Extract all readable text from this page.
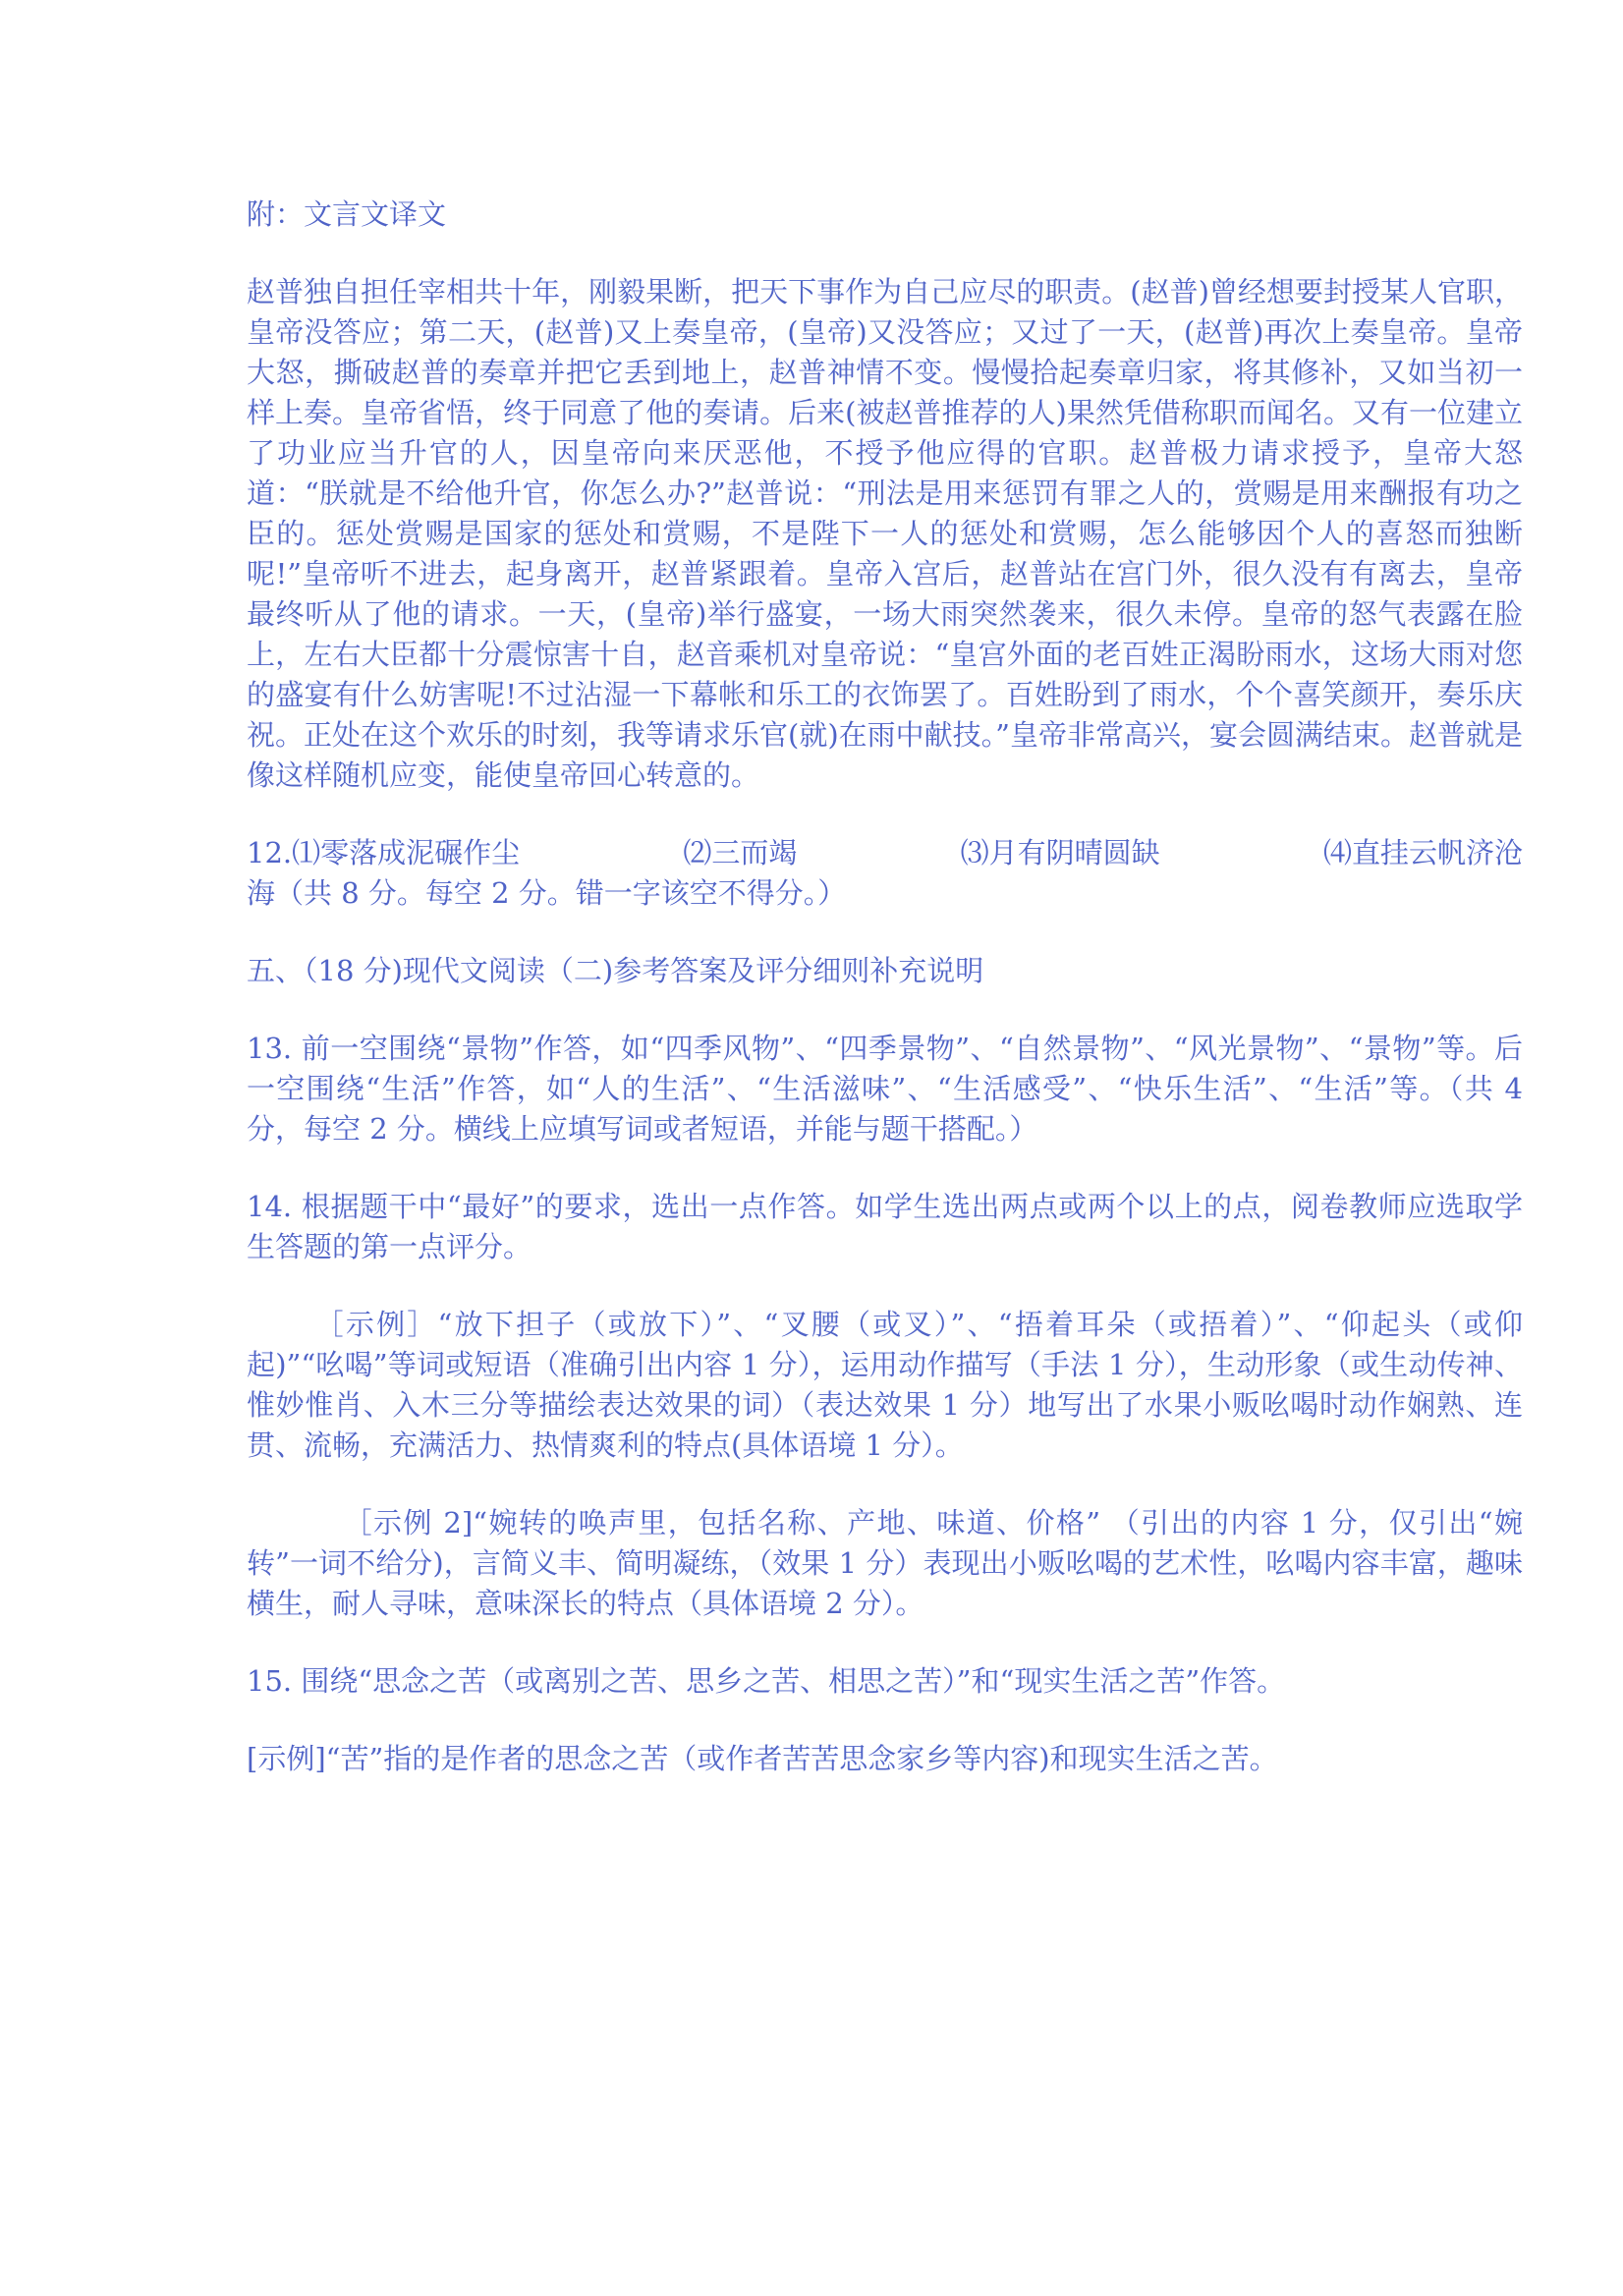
附：文言文译文

赵普独自担任宰相共十年，刚毅果断，把天下事作为自己应尽的职责。(赵普)曾经想要封授某人官职，皇帝没答应；第二天，(赵普)又上奏皇帝，(皇帝)又没答应；又过了一天，(赵普)再次上奏皇帝。皇帝大怒，撕破赵普的奏章并把它丢到地上，赵普神情不变。慢慢拾起奏章归家，将其修补，又如当初一样上奏。皇帝省悟，终于同意了他的奏请。后来(被赵普推荐的人)果然凭借称职而闻名。又有一位建立了功业应当升官的人，因皇帝向来厌恶他，不授予他应得的官职。赵普极力请求授予，皇帝大怒道：“朕就是不给他升官，你怎么办?”赵普说：“刑法是用来惩罚有罪之人的，赏赐是用来酬报有功之臣的。惩处赏赐是国家的惩处和赏赐，不是陛下一人的惩处和赏赐，怎么能够因个人的喜怒而独断呢!”皇帝听不进去，起身离开，赵普紧跟着。皇帝入宫后，赵普站在宫门外，很久没有有离去，皇帝最终听从了他的请求。一天，(皇帝)举行盛宴，一场大雨突然袭来，很久未停。皇帝的怒气表露在脸上，左右大臣都十分震惊害十自，赵音乘机对皇帝说：“皇宫外面的老百姓正渴盼雨水，这场大雨对您的盛宴有什么妨害呢!不过沾湿一下幕帐和乐工的衣饰罢了。百姓盼到了雨水，个个喜笑颜开，奏乐庆祝。正处在这个欢乐的时刻，我等请求乐官(就)在雨中献技。”皇帝非常高兴，宴会圆满结束。赵普就是像这样随机应变，能使皇帝回心转意的。

12.⑴零落成泥碾作尘	⑵三而竭	⑶月有阴晴圆缺	⑷直挂云帆济沧

海（共 8 分。每空 2 分。错一字该空不得分。）

五、（18 分)现代文阅读（二)参考答案及评分细则补充说明

13. 前一空围绕“景物”作答，如“四季风物”、“四季景物”、“自然景物”、“风光景物”、“景物”等。后一空围绕“生活”作答，如“人的生活”、“生活滋味”、“生活感受”、“快乐生活”、“生活”等。（共 4 分，每空 2 分。横线上应填写词或者短语，并能与题干搭配。）

14. 根据题干中“最好”的要求，选出一点作答。如学生选出两点或两个以上的点，阅卷教师应选取学生答题的第一点评分。

［示例］“放下担子（或放下）”、“叉腰（或叉）”、“捂着耳朵（或捂着）”、“仰起头（或仰起)”“吆喝”等词或短语（准确引出内容 1 分），运用动作描写（手法 1 分），生动形象（或生动传神、惟妙惟肖、入木三分等描绘表达效果的词）（表达效果 1 分）地写出了水果小贩吆喝时动作娴熟、连贯、流畅，充满活力、热情爽利的特点(具体语境 1 分）。

［示例 2]“婉转的唤声里，包括名称、产地、味道、价格” （引出的内容 1 分，仅引出“婉转”一词不给分)，言简义丰、简明凝练，（效果 1 分）表现出小贩吆喝的艺术性，吆喝内容丰富，趣味横生，耐人寻味，意味深长的特点（具体语境 2 分）。

15. 围绕“思念之苦（或离别之苦、思乡之苦、相思之苦）”和“现实生活之苦”作答。

[示例]“苦”指的是作者的思念之苦（或作者苦苦思念家乡等内容)和现实生活之苦。
